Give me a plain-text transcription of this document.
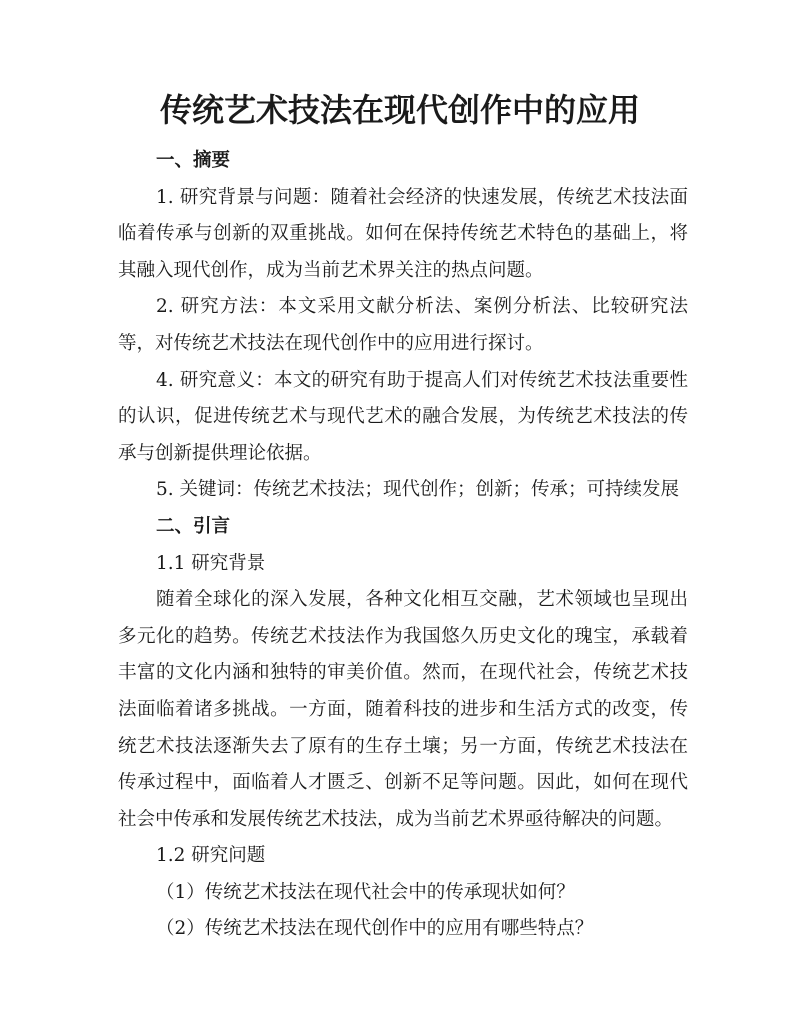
传统艺术技法在现代创作中的应用

一、摘要

1. 研究背景与问题：随着社会经济的快速发展，传统艺术技法面临着传承与创新的双重挑战。如何在保持传统艺术特色的基础上，将其融入现代创作，成为当前艺术界关注的热点问题。

2. 研究方法：本文采用文献分析法、案例分析法、比较研究法等，对传统艺术技法在现代创作中的应用进行探讨。

4. 研究意义：本文的研究有助于提高人们对传统艺术技法重要性的认识，促进传统艺术与现代艺术的融合发展，为传统艺术技法的传承与创新提供理论依据。

5. 关键词：传统艺术技法；现代创作；创新；传承；可持续发展

二、引言

1.1 研究背景

随着全球化的深入发展，各种文化相互交融，艺术领域也呈现出多元化的趋势。传统艺术技法作为我国悠久历史文化的瑰宝，承载着丰富的文化内涵和独特的审美价值。然而，在现代社会，传统艺术技法面临着诸多挑战。一方面，随着科技的进步和生活方式的改变，传统艺术技法逐渐失去了原有的生存土壤；另一方面，传统艺术技法在传承过程中，面临着人才匮乏、创新不足等问题。因此，如何在现代社会中传承和发展传统艺术技法，成为当前艺术界亟待解决的问题。

1.2 研究问题

（1）传统艺术技法在现代社会中的传承现状如何？

（2）传统艺术技法在现代创作中的应用有哪些特点？
